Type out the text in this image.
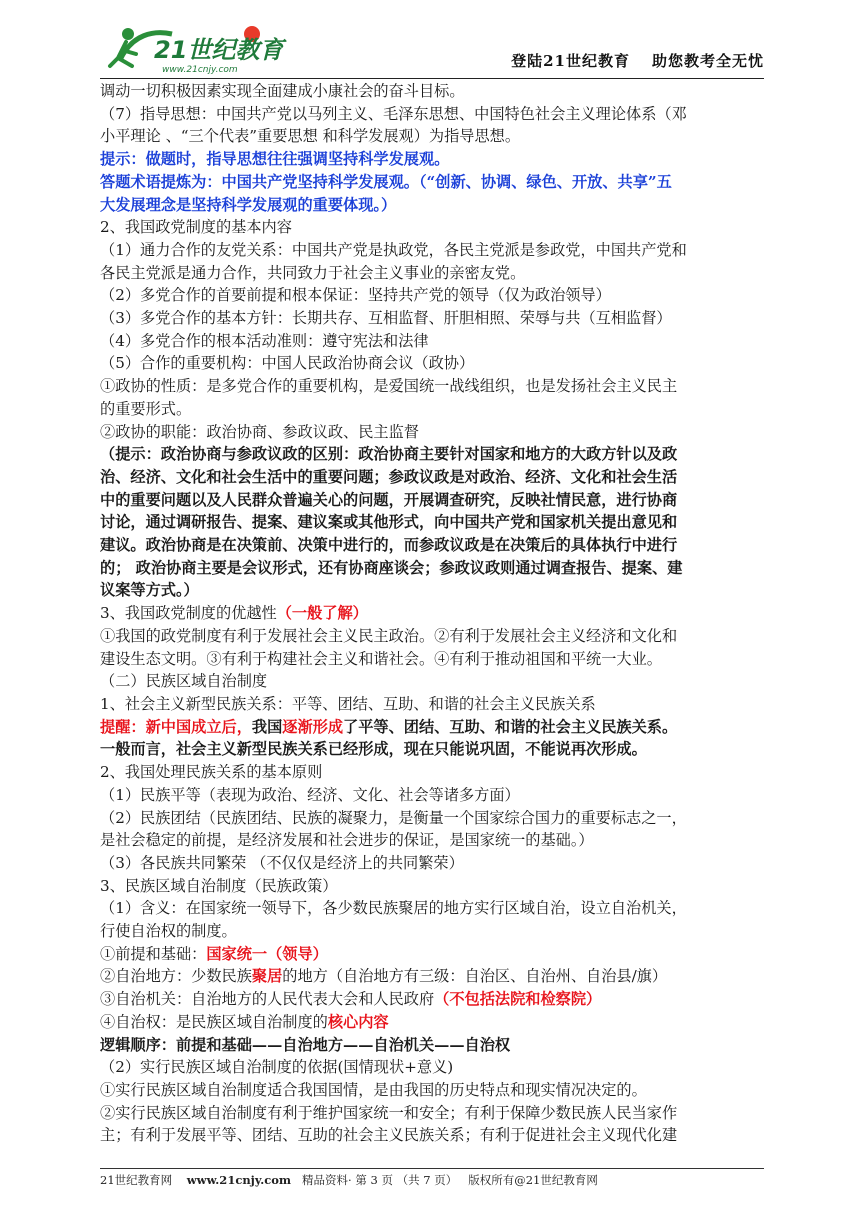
21世纪教育
www.21cnjy.com	登陆21世纪教育 助您教考全无忧
调动一切积极因素实现全面建成小康社会的奋斗目标。
（7）指导思想：中国共产党以马列主义、毛泽东思想、中国特色社会主义理论体系（邓
小平理论 、“三个代表”重要思想 和科学发展观）为指导思想。
提示：做题时，指导思想往往强调坚持科学发展观。
答题术语提炼为：中国共产党坚持科学发展观。（“创新、协调、绿色、开放、共享”五
大发展理念是坚持科学发展观的重要体现。）
2、我国政党制度的基本内容
（1）通力合作的友党关系：中国共产党是执政党，各民主党派是参政党，中国共产党和
各民主党派是通力合作，共同致力于社会主义事业的亲密友党。
（2）多党合作的首要前提和根本保证：坚持共产党的领导（仅为政治领导）
（3）多党合作的基本方针：长期共存、互相监督、肝胆相照、荣辱与共（互相监督）
（4）多党合作的根本活动准则：遵守宪法和法律
（5）合作的重要机构：中国人民政治协商会议（政协）
①政协的性质：是多党合作的重要机构，是爱国统一战线组织，也是发扬社会主义民主
的重要形式。
②政协的职能：政治协商、参政议政、民主监督
（提示：政治协商与参政议政的区别：政治协商主要针对国家和地方的大政方针以及政
治、经济、文化和社会生活中的重要问题；参政议政是对政治、经济、文化和社会生活
中的重要问题以及人民群众普遍关心的问题，开展调查研究，反映社情民意，进行协商
讨论，通过调研报告、提案、建议案或其他形式，向中国共产党和国家机关提出意见和
建议。政治协商是在决策前、决策中进行的，而参政议政是在决策后的具体执行中进行
的； 政治协商主要是会议形式，还有协商座谈会；参政议政则通过调查报告、提案、建
议案等方式。）
3、我国政党制度的优越性（一般了解）
①我国的政党制度有利于发展社会主义民主政治。②有利于发展社会主义经济和文化和
建设生态文明。③有利于构建社会主义和谐社会。④有利于推动祖国和平统一大业。
（二）民族区域自治制度
1、社会主义新型民族关系：平等、团结、互助、和谐的社会主义民族关系
提醒：新中国成立后，我国逐渐形成了平等、团结、互助、和谐的社会主义民族关系。
一般而言，社会主义新型民族关系已经形成，现在只能说巩固，不能说再次形成。
2、我国处理民族关系的基本原则
（1）民族平等（表现为政治、经济、文化、社会等诸多方面）
（2）民族团结（民族团结、民族的凝聚力，是衡量一个国家综合国力的重要标志之一，
是社会稳定的前提，是经济发展和社会进步的保证，是国家统一的基础。）
（3）各民族共同繁荣 （不仅仅是经济上的共同繁荣）
3、民族区域自治制度（民族政策）
（1）含义：在国家统一领导下，各少数民族聚居的地方实行区域自治，设立自治机关，
行使自治权的制度。
①前提和基础：国家统一（领导）
②自治地方：少数民族聚居的地方（自治地方有三级：自治区、自治州、自治县/旗）
③自治机关：自治地方的人民代表大会和人民政府（不包括法院和检察院）
④自治权：是民族区域自治制度的核心内容
逻辑顺序：前提和基础——自治地方——自治机关——自治权
（2）实行民族区域自治制度的依据(国情现状+意义)
①实行民族区域自治制度适合我国国情，是由我国的历史特点和现实情况决定的。
②实行民族区域自治制度有利于维护国家统一和安全；有利于保障少数民族人民当家作
主；有利于发展平等、团结、互助的社会主义民族关系；有利于促进社会主义现代化建
21世纪教育网 www.21cnjy.com 精品资料· 第 3 页 （共 7 页） 版权所有@21世纪教育网
